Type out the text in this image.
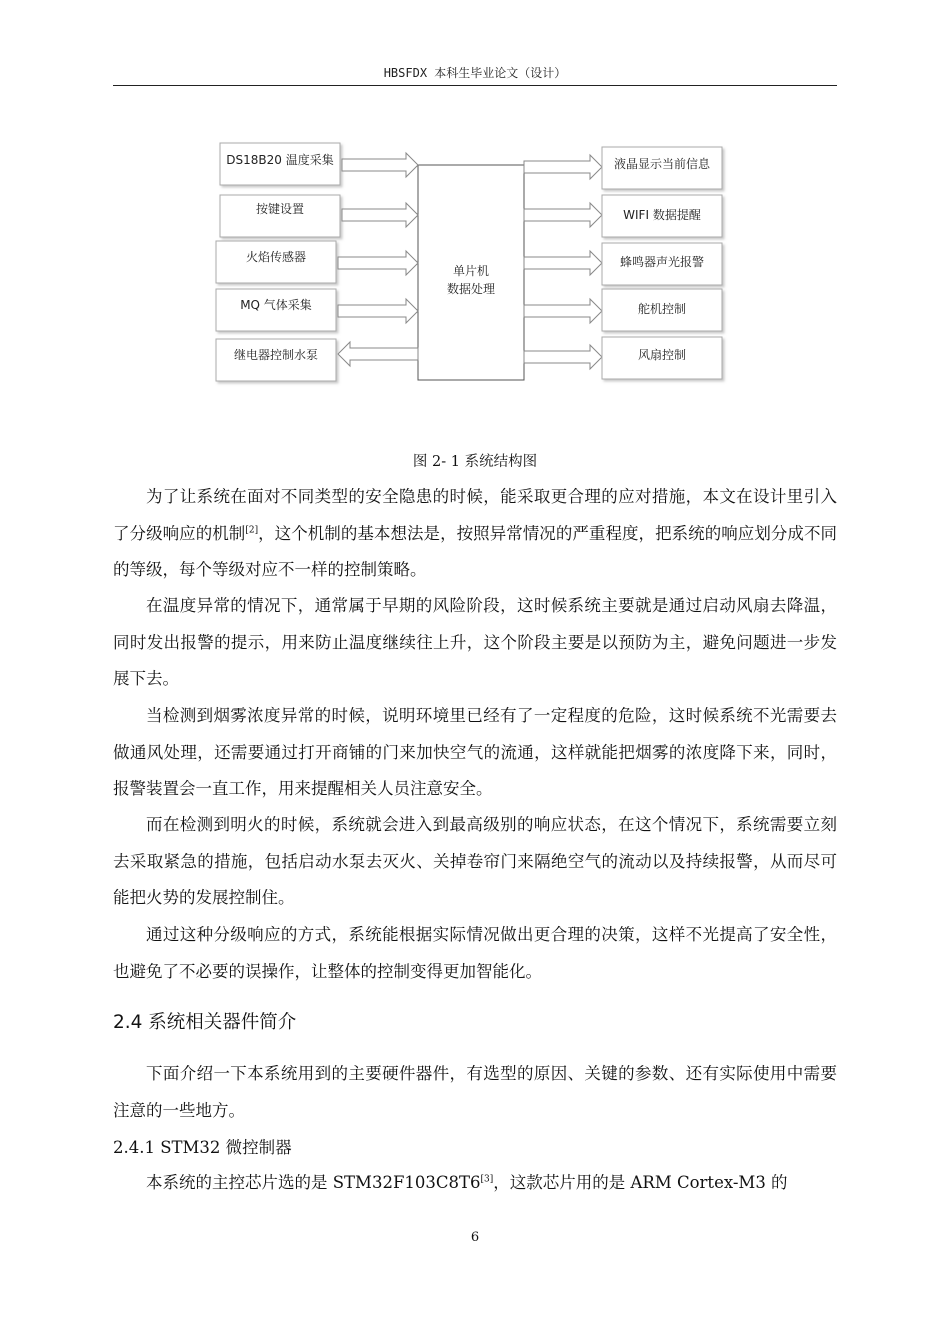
HBSFDX 本科生毕业论文（设计）
单片机
数据处理
DS18B20 温度采集
按键设置
火焰传感器
MQ 气体采集
继电器控制水泵
液晶显示当前信息
WIFI 数据提醒
蜂鸣器声光报警
舵机控制
风扇控制
图 2- 1 系统结构图

为了让系统在面对不同类型的安全隐患的时候，能采取更合理的应对措施，本文在设计里引入了分级响应的机制[2]，这个机制的基本想法是，按照异常情况的严重程度，把系统的响应划分成不同的等级，每个等级对应不一样的控制策略。

在温度异常的情况下，通常属于早期的风险阶段，这时候系统主要就是通过启动风扇去降温，同时发出报警的提示，用来防止温度继续往上升，这个阶段主要是以预防为主，避免问题进一步发展下去。

当检测到烟雾浓度异常的时候，说明环境里已经有了一定程度的危险，这时候系统不光需要去做通风处理，还需要通过打开商铺的门来加快空气的流通，这样就能把烟雾的浓度降下来，同时，报警装置会一直工作，用来提醒相关人员注意安全。

而在检测到明火的时候，系统就会进入到最高级别的响应状态，在这个情况下，系统需要立刻去采取紧急的措施，包括启动水泵去灭火、关掉卷帘门来隔绝空气的流动以及持续报警，从而尽可能把火势的发展控制住。

通过这种分级响应的方式，系统能根据实际情况做出更合理的决策，这样不光提高了安全性，也避免了不必要的误操作，让整体的控制变得更加智能化。

2.4 系统相关器件简介

下面介绍一下本系统用到的主要硬件器件，有选型的原因、关键的参数、还有实际使用中需要注意的一些地方。

2.4.1 STM32 微控制器

本系统的主控芯片选的是 STM32F103C8T6[3]，这款芯片用的是 ARM Cortex-M3 的

6
